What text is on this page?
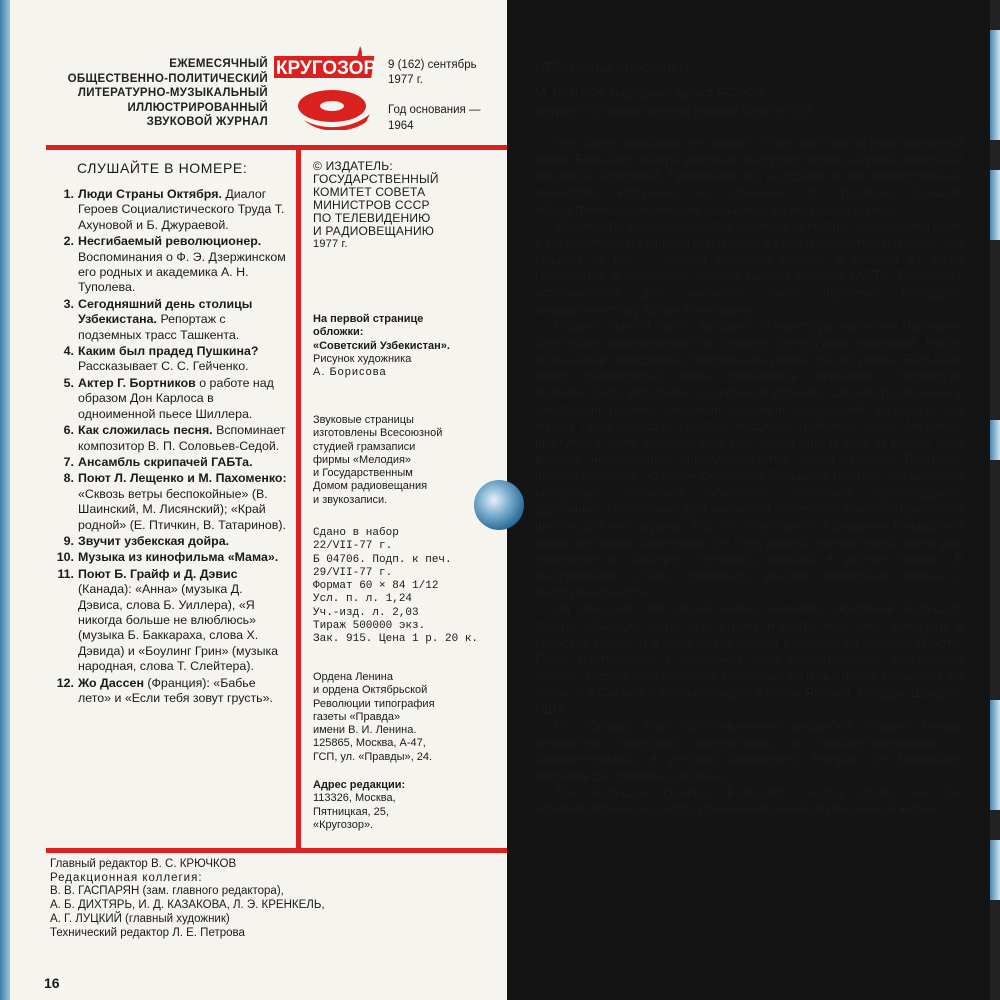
ЕЖЕМЕСЯЧНЫЙ
ОБЩЕСТВЕННО-ПОЛИТИЧЕСКИЙ
ЛИТЕРАТУРНО-МУЗЫКАЛЬНЫЙ
ИЛЛЮСТРИРОВАННЫЙ
ЗВУКОВОЙ ЖУРНАЛ
КРУГОЗОР 9 (162) сентябрь
1977 г.
Год основания —
1964
СЛУШАЙТЕ В НОМЕРЕ:
1. Люди Страны Октября. Диалог Героев Социалистического Труда Т. Ахуновой и Б. Джураевой.
2. Несгибаемый революционер. Воспоминания о Ф. Э. Дзержинском его родных и академика А. Н. Туполева.
3. Сегодняшний день столицы Узбекистана. Репортаж с подземных трасс Ташкента.
4. Каким был прадед Пушкина? Рассказывает С. С. Гейченко.
5. Актер Г. Бортников о работе над образом Дон Карлоса в одноименной пьесе Шиллера.
6. Как сложилась песня. Вспоминает композитор В. П. Соловьев-Седой.
7. Ансамбль скрипачей ГАБТа.
8. Поют Л. Лещенко и М. Пахоменко: «Сквозь ветры беспокойные» (В. Шаинский, М. Лисянский); «Край родной» (Е. Птичкин, В. Татаринов).
9. Звучит узбекская дойра.
10. Музыка из кинофильма «Мама».
11. Поют Б. Грайф и Д. Дэвис (Канада): «Анна» (музыка Д. Дэвиса, слова Б. Уиллера), «Я никогда больше не влюблюсь» (музыка Б. Баккараха, слова Х. Дэвида) и «Боулинг Грин» (музыка народная, слова Т. Слейтера).
12. Жо Дассен (Франция): «Бабье лето» и «Если тебя зовут грусть».
© ИЗДАТЕЛЬ:
ГОСУДАРСТВЕННЫЙ
КОМИТЕТ СОВЕТА
МИНИСТРОВ СССР
ПО ТЕЛЕВИДЕНИЮ
И РАДИОВЕЩАНИЮ
1977 г.
На первой странице
обложки:
«Советский Узбекистан».
Рисунок художника
А. Борисова
Звуковые страницы
изготовлены Всесоюзной
студией грамзаписи
фирмы «Мелодия»
и Государственным
Домом радиовещания
и звукозаписи.
Сдано в набор
22/VII-77 г.
Б 04706. Подп. к печ.
29/VII-77 г.
Формат 60 × 84 1/12
Усл. п. л. 1,24
Уч.-изд. л. 2,03
Тираж 500000 экз.
Зак. 915. Цена 1 р. 20 к.
Ордена Ленина
и ордена Октябрьской
Революции типография
газеты «Правда»
имени В. И. Ленина.
125865, Москва, А-47,
ГСП, ул. «Правды», 24.
Адрес редакции:
113326, Москва,
Пятницкая, 25,
«Кругозор».
Главный редактор В. С. КРЮЧКОВ
Редакционная коллегия:
В. В. ГАСПАРЯН (зам. главного редактора),
А. Б. ДИХТЯРЬ, И. Д. КАЗАКОВА, Л. Э. КРЕНКЕЛЬ,
А. Г. ЛУЦКИЙ (главный художник)
Технический редактор Л. Е. Петрова
16
СТРАНИЦЫ КЛАССИКИ
М. ЧУЛАКИ, народный артист РСФСР,
лауреат Государственной премии Союза ССР

Уже более двадцати лет прошло с того дня, как на прославленной сцене Большого театра впервые выступил теперь широко известный ансамбль скрипачей. Произошло это на одном из тех торжественных концертов, которыми мы отмечаем по традиции большие общественно-политические события в жизни нашей страны.

Музыканты Большого театра, артисты оркестра, захотели наравне с вокалистами и танцорами показать и свое мастерство, показать, что каждый из них — солист высокого класса. А именно из таких музыкантов и составлен обычно бывает оркестр ГАБТа. Подобрать исполнителей для ансамбля было поручено молодому концертмейстеру Юлию Реентовичу.

Первой пьесой было выбрано «Перпетуум мобиле» Паганини, блестящее произведение из сольного репертуара скрипачей. Число музыкантов определила театральная рампа. Возле рампы Большого могло разместиться лишь семнадцать скрипачей. «Перпетуум мобиле» было исполнено с огромным успехом. Слитность звучания и блестящая техника ансамбля поразили слушателей. Казалось, что играет одна большая скрипка мощного, глубокого тона. Ансамбль выступил с этим номером еще раз, затем еще и еще. И вскоре стал важной, непременной принадлежностью жизни столицы. Родилось первое название: «Унисон скрипачей Большого театра». Расширился репертуар, появились обработки известных произведений, сделанные специально для ансамбля, советские композиторы стали писать для него музыку. Все это обусловило и развитие концертной жизни молодого коллектива. Он стал давать сначала одно, затем два отделения в концерте. Начались выезды в другие города. В выступлениях стали принимать участие известные певцы и инструменталисты.

За двадцать лет своей жизни ансамбль скрипачей Большого театра объездил почти всю страну и почти весь мир: концерты в сельских клубах и в зале имени Пабло Казальса на острове Пуэрто-Рико, выступления в кузнечном цехе Волгоградского тракторного завода, медаль «За освоение целинных земель» после концертов на Алтае и в Сибири и бурные овации в залах Японии, Канады, Швеции, США...

По образцу этого прославленного ансамбля создано теперь множество подобных коллективов, и профессиональных и самодеятельных, в учебных заведениях, театрах. От маленьких составов до огромных сводных.

Так Большая скрипка Большого театра стала как бы основоположником целого движения в нашей музыкальной жизни.
